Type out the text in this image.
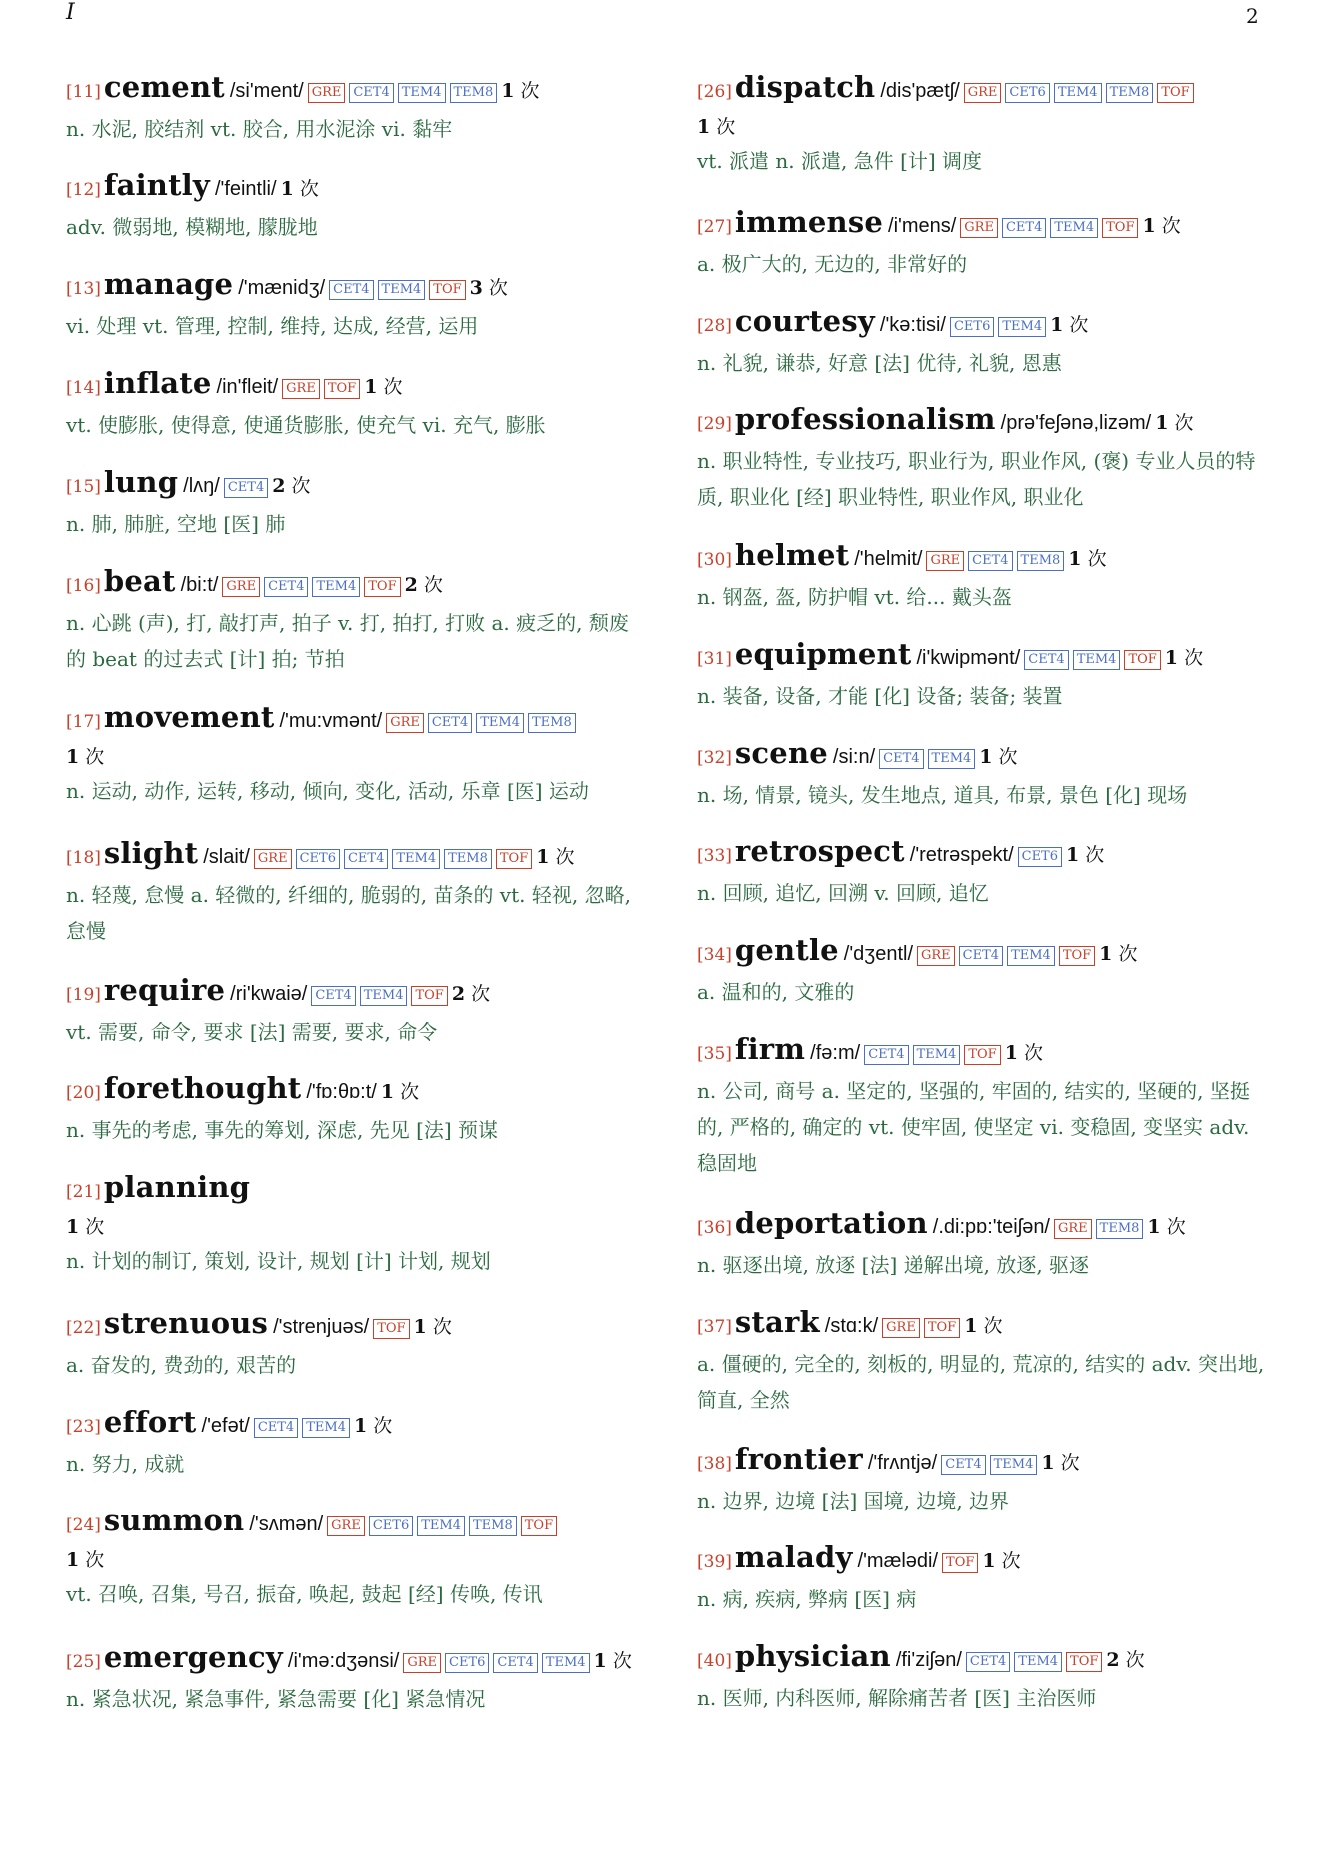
I	2
[11] cement /si'ment/ GRE CET4 TEM4 TEM8 1 次
n. 水泥, 胶结剂 vt. 胶合, 用水泥涂 vi. 黏牢
[12] faintly /'feintli/ 1 次
adv. 微弱地, 模糊地, 朦胧地
[13] manage /'mænidʒ/ CET4 TEM4 TOF 3 次
vi. 处理 vt. 管理, 控制, 维持, 达成, 经营, 运用
[14] inflate /in'fleit/ GRE TOF 1 次
vt. 使膨胀, 使得意, 使通货膨胀, 使充气 vi. 充气, 膨胀
[15] lung /lʌŋ/ CET4 2 次
n. 肺, 肺脏, 空地 [医] 肺
[16] beat /bi:t/ GRE CET4 TEM4 TOF 2 次
n. 心跳 (声), 打, 敲打声, 拍子 v. 打, 拍打, 打败 a. 疲乏的, 颓废的 beat 的过去式 [计] 拍; 节拍
[17] movement /'mu:vmənt/ GRE CET4 TEM4 TEM8
1 次
n. 运动, 动作, 运转, 移动, 倾向, 变化, 活动, 乐章 [医] 运动
[18] slight /slait/ GRE CET6 CET4 TEM4 TEM8 TOF 1 次
n. 轻蔑, 怠慢 a. 轻微的, 纤细的, 脆弱的, 苗条的 vt. 轻视, 忽略, 怠慢
[19] require /ri'kwaiə/ CET4 TEM4 TOF 2 次
vt. 需要, 命令, 要求 [法] 需要, 要求, 命令
[20] forethought /'fɒ:θɒ:t/ 1 次
n. 事先的考虑, 事先的筹划, 深虑, 先见 [法] 预谋
[21] planning
1 次
n. 计划的制订, 策划, 设计, 规划 [计] 计划, 规划
[22] strenuous /'strenjuəs/ TOF 1 次
a. 奋发的, 费劲的, 艰苦的
[23] effort /'efət/ CET4 TEM4 1 次
n. 努力, 成就
[24] summon /'sʌmən/ GRE CET6 TEM4 TEM8 TOF
1 次
vt. 召唤, 召集, 号召, 振奋, 唤起, 鼓起 [经] 传唤, 传讯
[25] emergency /i'mə:dʒənsi/ GRE CET6 CET4 TEM4 1 次
n. 紧急状况, 紧急事件, 紧急需要 [化] 紧急情况
[26] dispatch /dis'pætʃ/ GRE CET6 TEM4 TEM8 TOF
1 次
vt. 派遣 n. 派遣, 急件 [计] 调度
[27] immense /i'mens/ GRE CET4 TEM4 TOF 1 次
a. 极广大的, 无边的, 非常好的
[28] courtesy /'kə:tisi/ CET6 TEM4 1 次
n. 礼貌, 谦恭, 好意 [法] 优待, 礼貌, 恩惠
[29] professionalism /prə'feʃənə,lizəm/ 1 次
n. 职业特性, 专业技巧, 职业行为, 职业作风, (褒) 专业人员的特质, 职业化 [经] 职业特性, 职业作风, 职业化
[30] helmet /'helmit/ GRE CET4 TEM8 1 次
n. 钢盔, 盔, 防护帽 vt. 给... 戴头盔
[31] equipment /i'kwipmənt/ CET4 TEM4 TOF 1 次
n. 装备, 设备, 才能 [化] 设备; 装备; 装置
[32] scene /si:n/ CET4 TEM4 1 次
n. 场, 情景, 镜头, 发生地点, 道具, 布景, 景色 [化] 现场
[33] retrospect /'retrəspekt/ CET6 1 次
n. 回顾, 追忆, 回溯 v. 回顾, 追忆
[34] gentle /'dʒentl/ GRE CET4 TEM4 TOF 1 次
a. 温和的, 文雅的
[35] firm /fə:m/ CET4 TEM4 TOF 1 次
n. 公司, 商号 a. 坚定的, 坚强的, 牢固的, 结实的, 坚硬的, 坚挺的, 严格的, 确定的 vt. 使牢固, 使坚定 vi. 变稳固, 变坚实 adv. 稳固地
[36] deportation /.di:pɒ:'teiʃən/ GRE TEM8 1 次
n. 驱逐出境, 放逐 [法] 递解出境, 放逐, 驱逐
[37] stark /stɑ:k/ GRE TOF 1 次
a. 僵硬的, 完全的, 刻板的, 明显的, 荒凉的, 结实的 adv. 突出地, 简直, 全然
[38] frontier /'frʌntjə/ CET4 TEM4 1 次
n. 边界, 边境 [法] 国境, 边境, 边界
[39] malady /'mælədi/ TOF 1 次
n. 病, 疾病, 弊病 [医] 病
[40] physician /fi'ziʃən/ CET4 TEM4 TOF 2 次
n. 医师, 内科医师, 解除痛苦者 [医] 主治医师
